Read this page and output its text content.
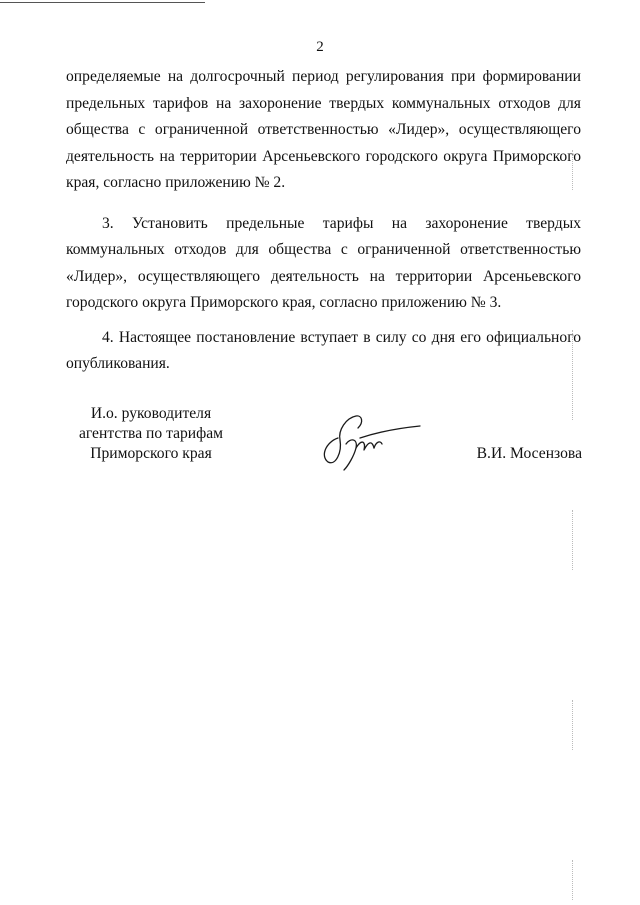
2

определяемые на долгосрочный период регулирования при формировании предельных тарифов на захоронение твердых коммунальных отходов для общества с ограниченной ответственностью «Лидер», осуществляющего деятельность на территории Арсеньевского городского округа Приморского края, согласно приложению № 2.

3. Установить предельные тарифы на захоронение твердых коммунальных отходов для общества с ограниченной ответственностью «Лидер», осуществляющего деятельность на территории Арсеньевского городского округа Приморского края, согласно приложению № 3.

4. Настоящее постановление вступает в силу со дня его официального опубликования.

И.о. руководителя
агентства по тарифам
Приморского края	В.И. Мосензова
